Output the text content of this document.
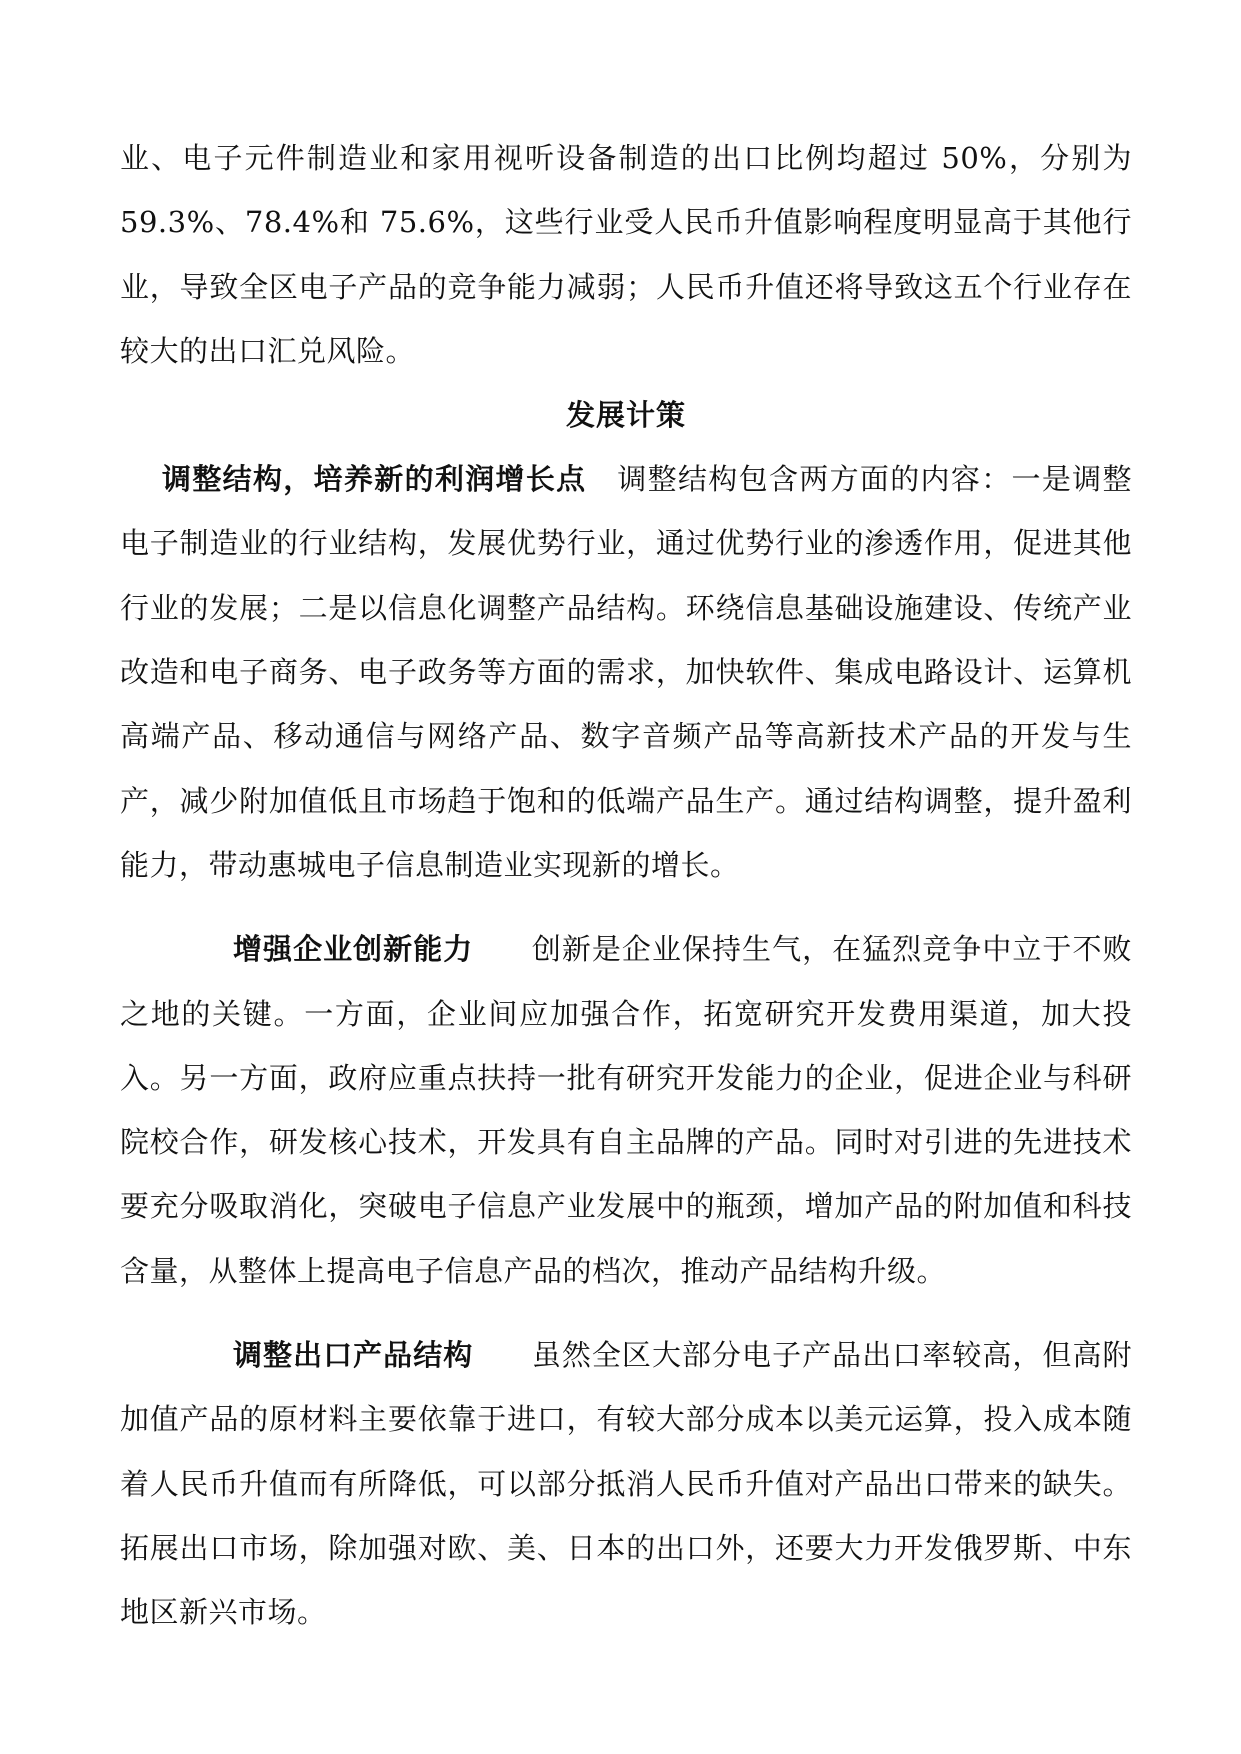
业、电子元件制造业和家用视听设备制造的出口比例均超过 50%，分别为 59.3%、78.4%和 75.6%，这些行业受人民币升值影响程度明显高于其他行业，导致全区电子产品的竞争能力减弱；人民币升值还将导致这五个行业存在较大的出口汇兑风险。

发展计策

调整结构，培养新的利润增长点 调整结构包含两方面的内容：一是调整电子制造业的行业结构，发展优势行业，通过优势行业的渗透作用，促进其他行业的发展；二是以信息化调整产品结构。环绕信息基础设施建设、传统产业改造和电子商务、电子政务等方面的需求，加快软件、集成电路设计、运算机高端产品、移动通信与网络产品、数字音频产品等高新技术产品的开发与生产，减少附加值低且市场趋于饱和的低端产品生产。通过结构调整，提升盈利能力，带动惠城电子信息制造业实现新的增长。

增强企业创新能力 创新是企业保持生气，在猛烈竞争中立于不败之地的关键。一方面，企业间应加强合作，拓宽研究开发费用渠道，加大投入。另一方面，政府应重点扶持一批有研究开发能力的企业，促进企业与科研院校合作，研发核心技术，开发具有自主品牌的产品。同时对引进的先进技术要充分吸取消化，突破电子信息产业发展中的瓶颈，增加产品的附加值和科技含量，从整体上提高电子信息产品的档次，推动产品结构升级。

调整出口产品结构 虽然全区大部分电子产品出口率较高，但高附加值产品的原材料主要依靠于进口，有较大部分成本以美元运算，投入成本随着人民币升值而有所降低，可以部分抵消人民币升值对产品出口带来的缺失。拓展出口市场，除加强对欧、美、日本的出口外，还要大力开发俄罗斯、中东地区新兴市场。
